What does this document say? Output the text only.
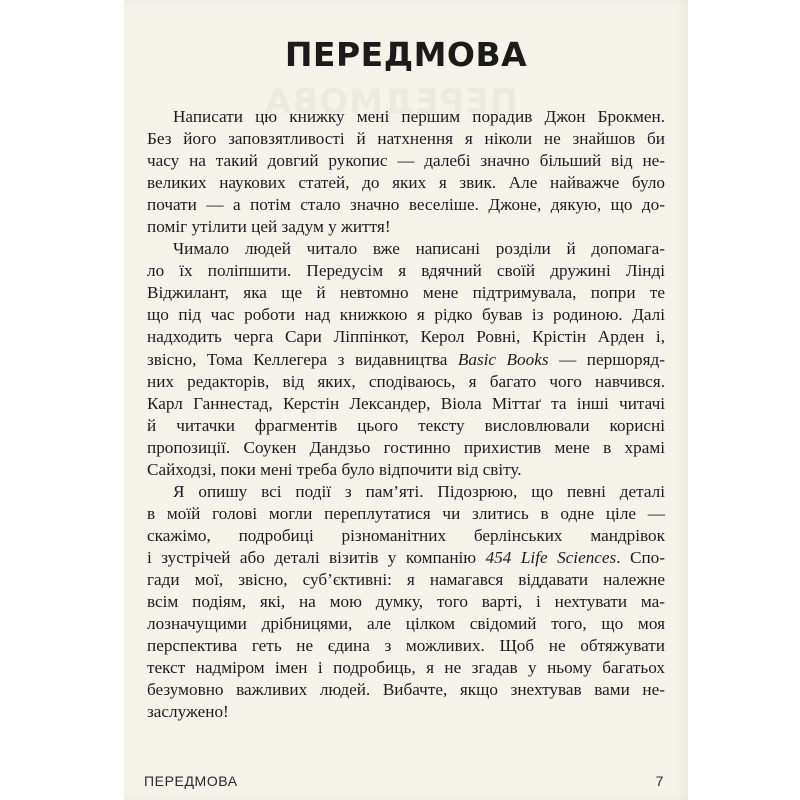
ПЕРЕДМОВА
Написати цю книжку мені першим порадив Джон Брокмен.
Без його заповзятливості й натхнення я ніколи не знайшов би
часу на такий довгий рукопис — далебі значно більший від не-
великих наукових статей, до яких я звик. Але найважче було
почати — а потім стало значно веселіше. Джоне, дякую, що до-
поміг утілити цей задум у життя!
Чимало людей читало вже написані розділи й допомага-
ло їх поліпшити. Передусім я вдячний своїй дружині Лінді
Віджилант, яка ще й невтомно мене підтримувала, попри те
що під час роботи над книжкою я рідко бував із родиною. Далі
надходить черга Сари Ліппінкот, Керол Ровні, Крістін Арден і,
звісно, Тома Келлегера з видавництва Basic Books — першоряд-
них редакторів, від яких, сподіваюсь, я багато чого навчився.
Карл Ганнестад, Керстін Лександер, Віола Міттаґ та інші читачі
й читачки фрагментів цього тексту висловлювали корисні
пропозиції. Соукен Дандзьо гостинно прихистив мене в храмі
Сайходзі, поки мені треба було відпочити від світу.
Я опишу всі події з пам’яті. Підозрюю, що певні деталі
в моїй голові могли переплутатися чи злитись в одне ціле —
скажімо, подробиці різноманітних берлінських мандрівок
і зустрічей або деталі візитів у компанію 454 Life Sciences. Спо-
гади мої, звісно, суб’єктивні: я намагався віддавати належне
всім подіям, які, на мою думку, того варті, і нехтувати ма-
лозначущими дрібницями, але цілком свідомий того, що моя
перспектива геть не єдина з можливих. Щоб не обтяжувати
текст надміром імен і подробиць, я не згадав у ньому багатьох
безумовно важливих людей. Вибачте, якщо знехтував вами не-
заслужено!
ПЕРЕДМОВА	7
